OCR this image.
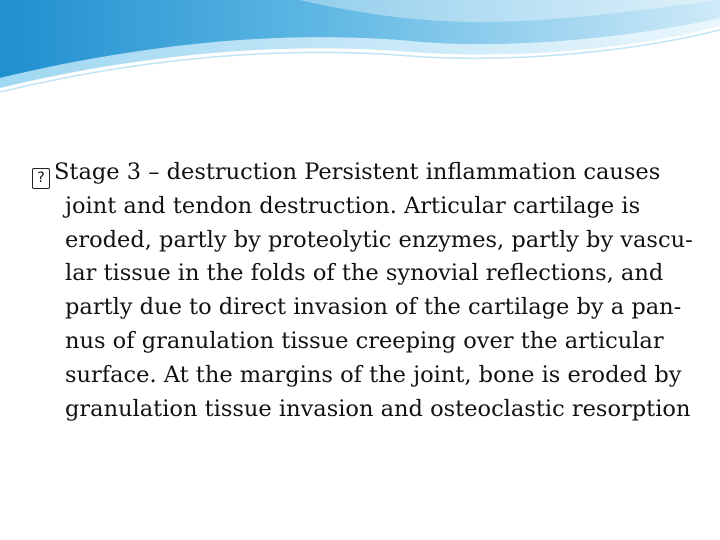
? Stage 3 – destruction Persistent inflammation causes joint and tendon destruction. Articular cartilage is eroded, partly by proteolytic enzymes, partly by vascu- lar tissue in the folds of the synovial reflections, and partly due to direct invasion of the cartilage by a pan- nus of granulation tissue creeping over the articular surface. At the margins of the joint, bone is eroded by granulation tissue invasion and osteoclastic resorption
